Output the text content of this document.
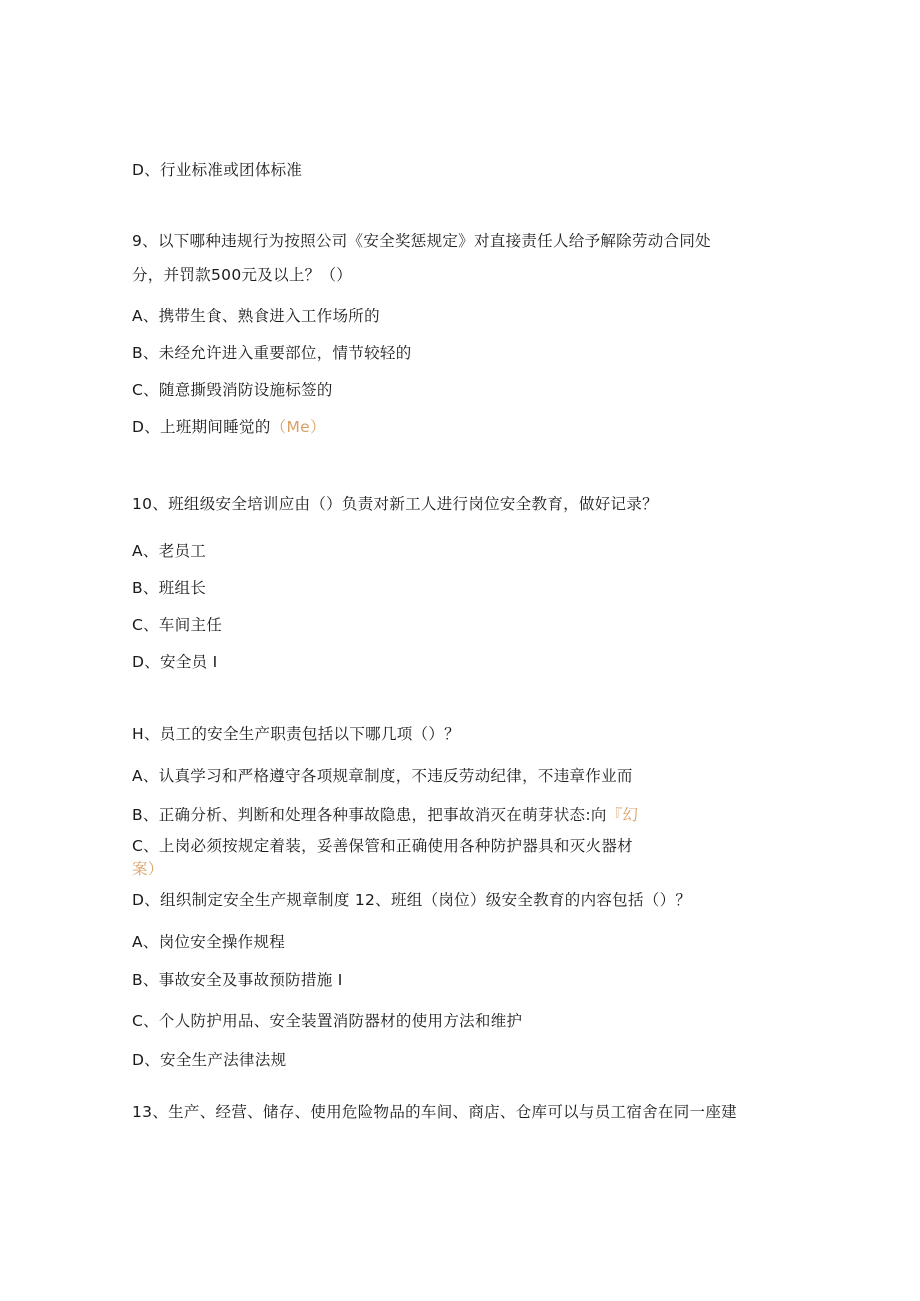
D、行业标准或团体标准
9、以下哪种违规行为按照公司《安全奖惩规定》对直接责任人给予解除劳动合同处
分，并罚款500元及以上？（）
A、携带生食、熟食进入工作场所的
B、未经允许进入重要部位，情节较轻的
C、随意撕毁消防设施标签的
D、上班期间睡觉的（Me）
10、班组级安全培训应由（）负责对新工人进行岗位安全教育，做好记录？
A、老员工
B、班组长
C、车间主任
D、安全员 I
H、员工的安全生产职责包括以下哪几项（）？
A、认真学习和严格遵守各项规章制度，不违反劳动纪律，不违章作业而
B、正确分析、判断和处理各种事故隐患，把事故消灭在萌芽状态:向『幻
C、上岗必须按规定着装，妥善保管和正确使用各种防护器具和灭火器材
案）
D、组织制定安全生产规章制度 12、班组（岗位）级安全教育的内容包括（）？
A、岗位安全操作规程
B、事故安全及事故预防措施 I
C、个人防护用品、安全装置消防器材的使用方法和维护
D、安全生产法律法规
13、生产、经营、储存、使用危险物品的车间、商店、仓库可以与员工宿舍在同一座建
